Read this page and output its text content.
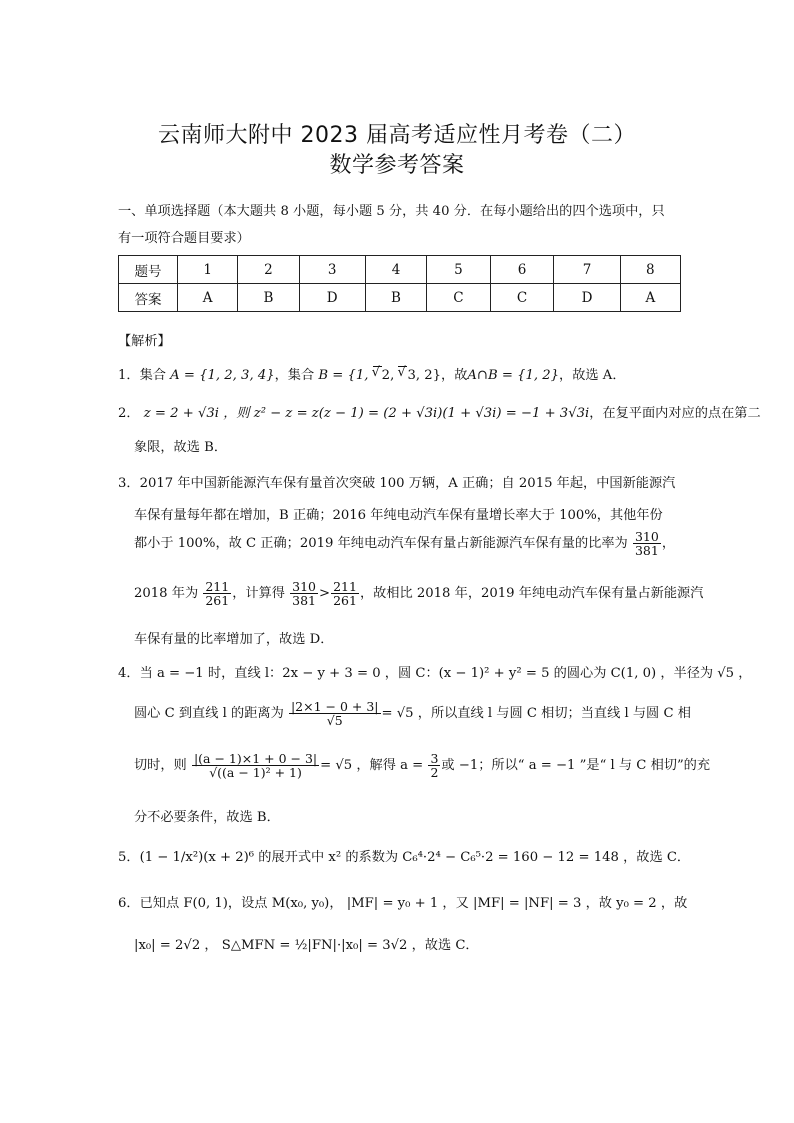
云南师大附中 2023 届高考适应性月考卷（二）
数学参考答案
一、单项选择题（本大题共 8 小题，每小题 5 分，共 40 分．在每小题给出的四个选项中，只
有一项符合题目要求）
题号	1	2	3	4	5	6	7	8
答案	A	B	D	B	C	C	D	A
【解析】
1．集合 A = {1, 2, 3, 4}，集合 B = {1, 2 √, 3 √, 2}，故A∩B = {1, 2}，故选 A．
2． z = 2 + √3i ，则 z² − z = z(z − 1) = (2 + √3i)(1 + √3i) = −1 + 3√3i，在复平面内对应的点在第二
象限，故选 B．
3．2017 年中国新能源汽车保有量首次突破 100 万辆，A 正确；自 2015 年起，中国新能源汽
车保有量每年都在增加，B 正确；2016 年纯电动汽车保有量增长率大于 100%，其他年份
都小于 100%，故 C 正确；2019 年纯电动汽车保有量占新能源汽车保有量的比率为 $\frac{310}{381}$ ，
2018 年为 $\frac{211}{261}$ ，计算得 $\frac{310}{381} > \frac{211}{261}$ ，故相比 2018 年，2019 年纯电动汽车保有量占新能源汽
车保有量的比率增加了，故选 D．
4．当 a = −1 时，直线 l：2x − y + 3 = 0 ，圆 C：(x − 1)² + y² = 5 的圆心为 C(1, 0) ，半径为 √5 ，
圆心 C 到直线 l 的距离为 $\frac{|2\times 1 - 0 + 3|}{√5} = √5$ ，所以直线 l 与圆 C 相切；当直线 l 与圆 C 相
切时，则 $\frac{|(a - 1)\times 1 + 0 - 3|}{\text{√((a − 1)² + 1)}} = √5$ ，解得 $a = \frac{3}{2}$ 或 −1；所以“ a = −1 ”是“ l 与 C 相切”的充
分不必要条件，故选 B．
5．(1 − 1/x²)(x + 2)⁶ 的展开式中 x² 的系数为 C₆⁴·2⁴ − C₆⁵·2 = 160 − 12 = 148 ，故选 C．
6．已知点 F(0, 1)，设点 M(x₀, y₀)， |MF| = y₀ + 1 ，又 |MF| = |NF| = 3 ，故 y₀ = 2 ，故
|x₀| = 2√2 ， S△MFN = ½|FN|·|x₀| = 3√2 ，故选 C．
